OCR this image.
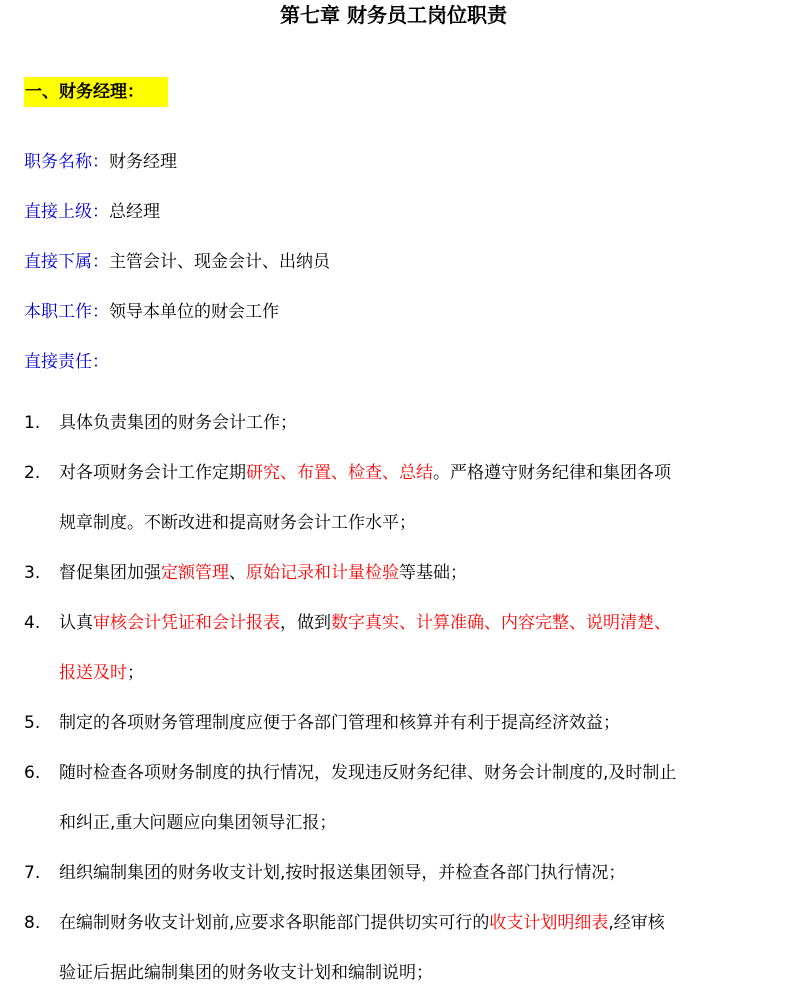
第七章 财务员工岗位职责
一、财务经理：
职务名称：财务经理
直接上级：总经理
直接下属：主管会计、现金会计、出纳员
本职工作：领导本单位的财会工作
直接责任：
1. 具体负责集团的财务会计工作；
2. 对各项财务会计工作定期研究、布置、检查、总结。严格遵守财务纪律和集团各项
规章制度。不断改进和提高财务会计工作水平；
3. 督促集团加强定额管理、原始记录和计量检验等基础；
4. 认真审核会计凭证和会计报表，做到数字真实、计算准确、内容完整、说明清楚、
报送及时；
5. 制定的各项财务管理制度应便于各部门管理和核算并有利于提高经济效益；
6. 随时检查各项财务制度的执行情况，发现违反财务纪律、财务会计制度的,及时制止
和纠正,重大问题应向集团领导汇报；
7. 组织编制集团的财务收支计划,按时报送集团领导，并检查各部门执行情况；
8. 在编制财务收支计划前,应要求各职能部门提供切实可行的收支计划明细表,经审核
验证后据此编制集团的财务收支计划和编制说明；
